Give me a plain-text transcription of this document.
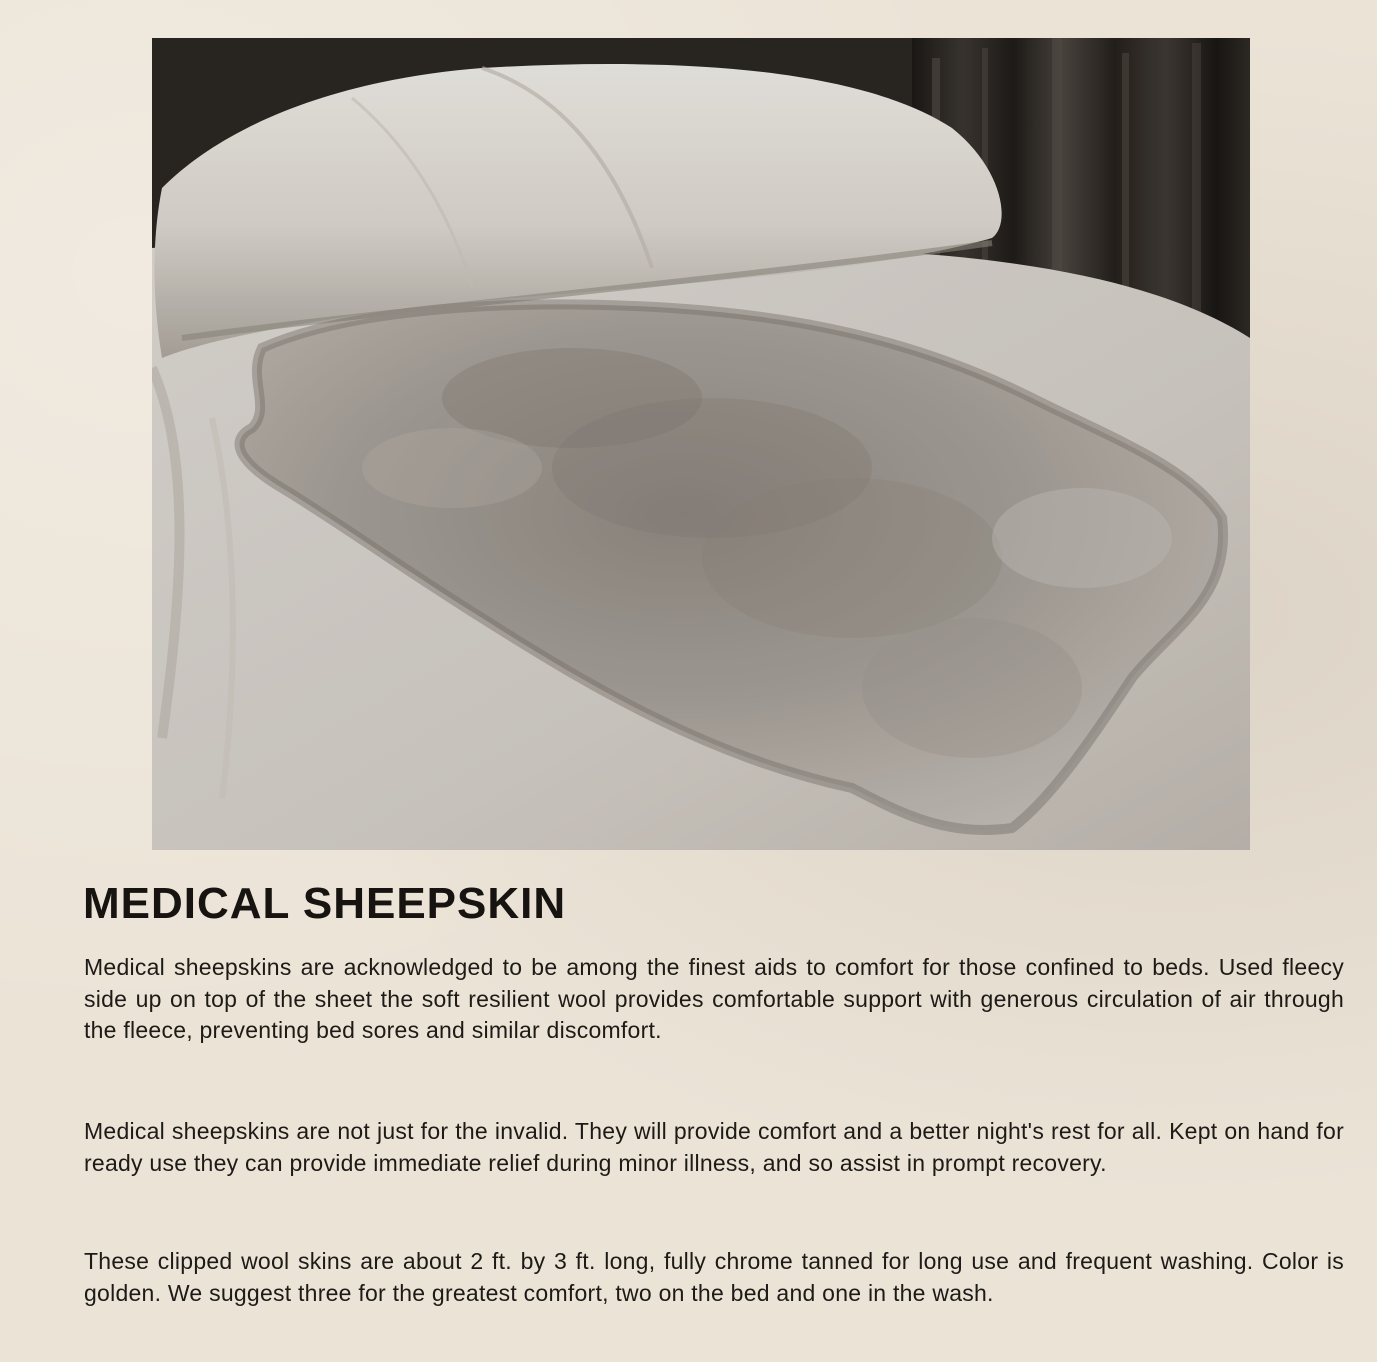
MEDICAL SHEEPSKIN

Medical sheepskins are acknowledged to be among the finest aids to comfort for those confined to beds. Used fleecy side up on top of the sheet the soft resilient wool provides comfortable support with generous circulation of air through the fleece, preventing bed sores and similar discomfort.

Medical sheepskins are not just for the invalid. They will provide comfort and a better night's rest for all. Kept on hand for ready use they can provide immediate relief during minor illness, and so assist in prompt recovery.

These clipped wool skins are about 2 ft. by 3 ft. long, fully chrome tanned for long use and frequent washing. Color is golden. We suggest three for the greatest comfort, two on the bed and one in the wash.
